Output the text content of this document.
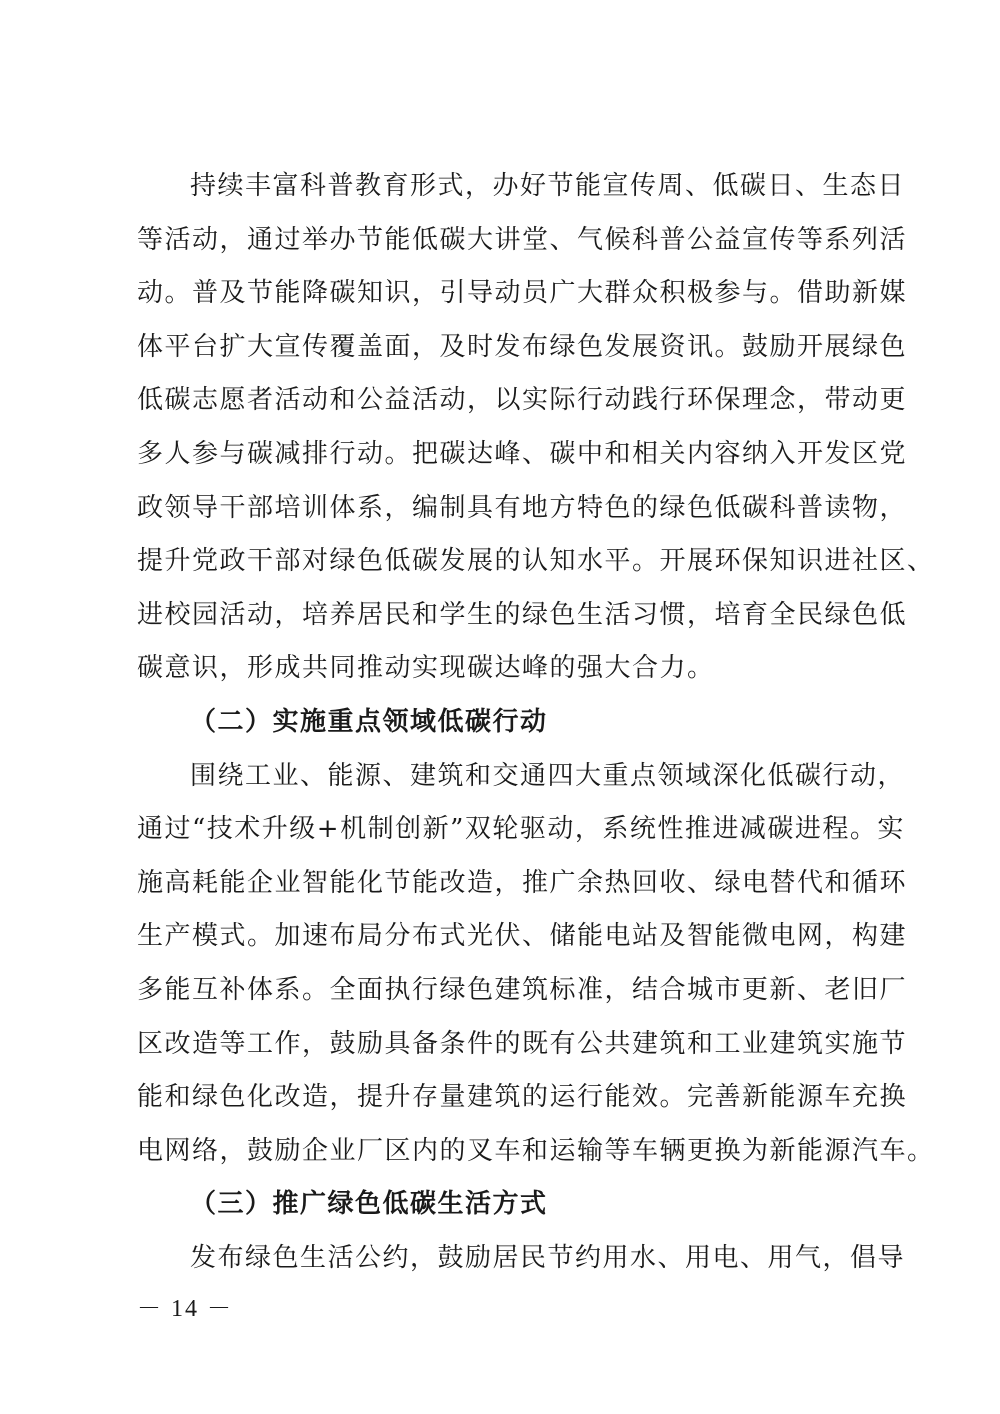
持续丰富科普教育形式，办好节能宣传周、低碳日、生态日
等活动，通过举办节能低碳大讲堂、气候科普公益宣传等系列活
动。普及节能降碳知识，引导动员广大群众积极参与。借助新媒
体平台扩大宣传覆盖面，及时发布绿色发展资讯。鼓励开展绿色
低碳志愿者活动和公益活动，以实际行动践行环保理念，带动更
多人参与碳减排行动。把碳达峰、碳中和相关内容纳入开发区党
政领导干部培训体系，编制具有地方特色的绿色低碳科普读物，
提升党政干部对绿色低碳发展的认知水平。开展环保知识进社区、
进校园活动，培养居民和学生的绿色生活习惯，培育全民绿色低
碳意识，形成共同推动实现碳达峰的强大合力。
（二）实施重点领域低碳行动
围绕工业、能源、建筑和交通四大重点领域深化低碳行动，
通过“技术升级+机制创新”双轮驱动，系统性推进减碳进程。实
施高耗能企业智能化节能改造，推广余热回收、绿电替代和循环
生产模式。加速布局分布式光伏、储能电站及智能微电网，构建
多能互补体系。全面执行绿色建筑标准，结合城市更新、老旧厂
区改造等工作，鼓励具备条件的既有公共建筑和工业建筑实施节
能和绿色化改造，提升存量建筑的运行能效。完善新能源车充换
电网络，鼓励企业厂区内的叉车和运输等车辆更换为新能源汽车。
（三）推广绿色低碳生活方式
发布绿色生活公约，鼓励居民节约用水、用电、用气，倡导
－ 14 －
